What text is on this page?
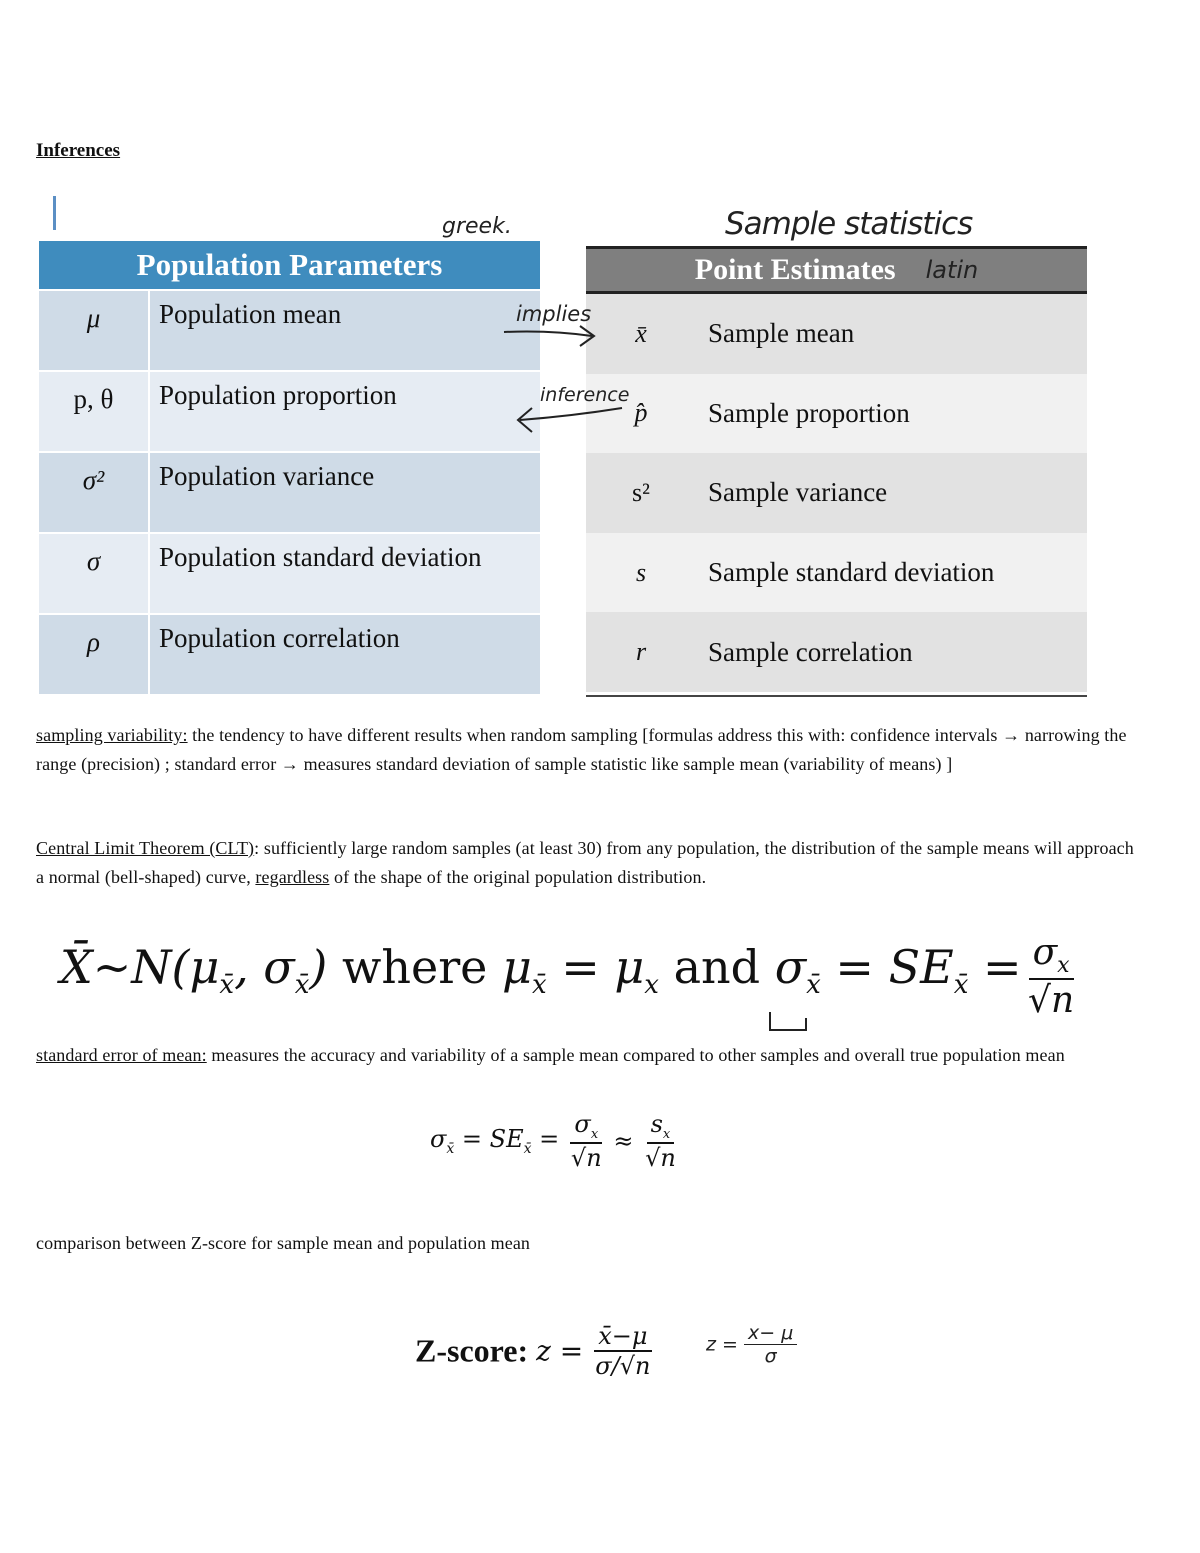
Inferences
greek.	Sample statistics
Population Parameters
μ	Population mean
p, θ	Population proportion
σ²	Population variance
σ	Population standard deviation
ρ	Population correlation
Point Estimates latin
x̄	Sample mean
p̂	Sample proportion
s²	Sample variance
s	Sample standard deviation
r	Sample correlation
implies
inference
sampling variability: the tendency to have different results when random sampling [formulas address this with: confidence intervals → narrowing the range (precision) ; standard error → measures standard deviation of sample statistic like sample mean (variability of means) ]
Central Limit Theorem (CLT): sufficiently large random samples (at least 30) from any population, the distribution of the sample means will approach a normal (bell-shaped) curve, regardless of the shape of the original population distribution.
$X̄\sim N(\mu_{x̄}$, $\sigma_{x̄}$) where $\mu_{x̄} = \mu_x$ and $\sigma_{x̄} = SE_{x̄} = \frac{\sigma_x}{√n}$
standard error of mean: measures the accuracy and variability of a sample mean compared to other samples and overall true population mean
$\sigma_{x̄} = SE_{x̄} = \frac{\sigma_x}{√n} \approx \frac{s_x}{√n}$
comparison between Z-score for sample mean and population mean
Z-score: $z = \frac{x̄-\mu}{\sigma/√n}$	$z = \frac{x- \mu}{\sigma}$
